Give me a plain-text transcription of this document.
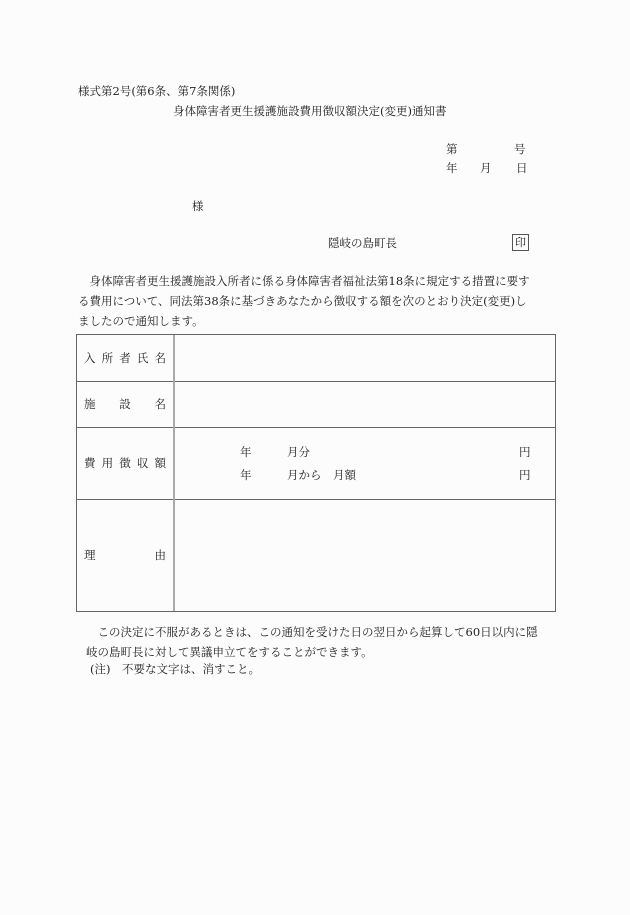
様式第2号(第6条、第7条関係)
身体障害者更生援護施設費用徴収額決定(変更)通知書
第	号
年 月 日
様
隠岐の島町長	印
　身体障害者更生援護施設入所者に係る身体障害者福祉法第18条に規定する措置に要す
る費用について、同法第38条に基づきあなたから徴収する額を次のとおり決定(変更)し
ましたので通知します。
入 所 者 氏 名
施 設 名
費 用 徴 収 額
年	月分	円
年	月から　月額	円
理	由
　この決定に不服があるときは、この通知を受けた日の翌日から起算して60日以内に隠
岐の島町長に対して異議申立てをすることができます。
(注)　不要な文字は、消すこと。
